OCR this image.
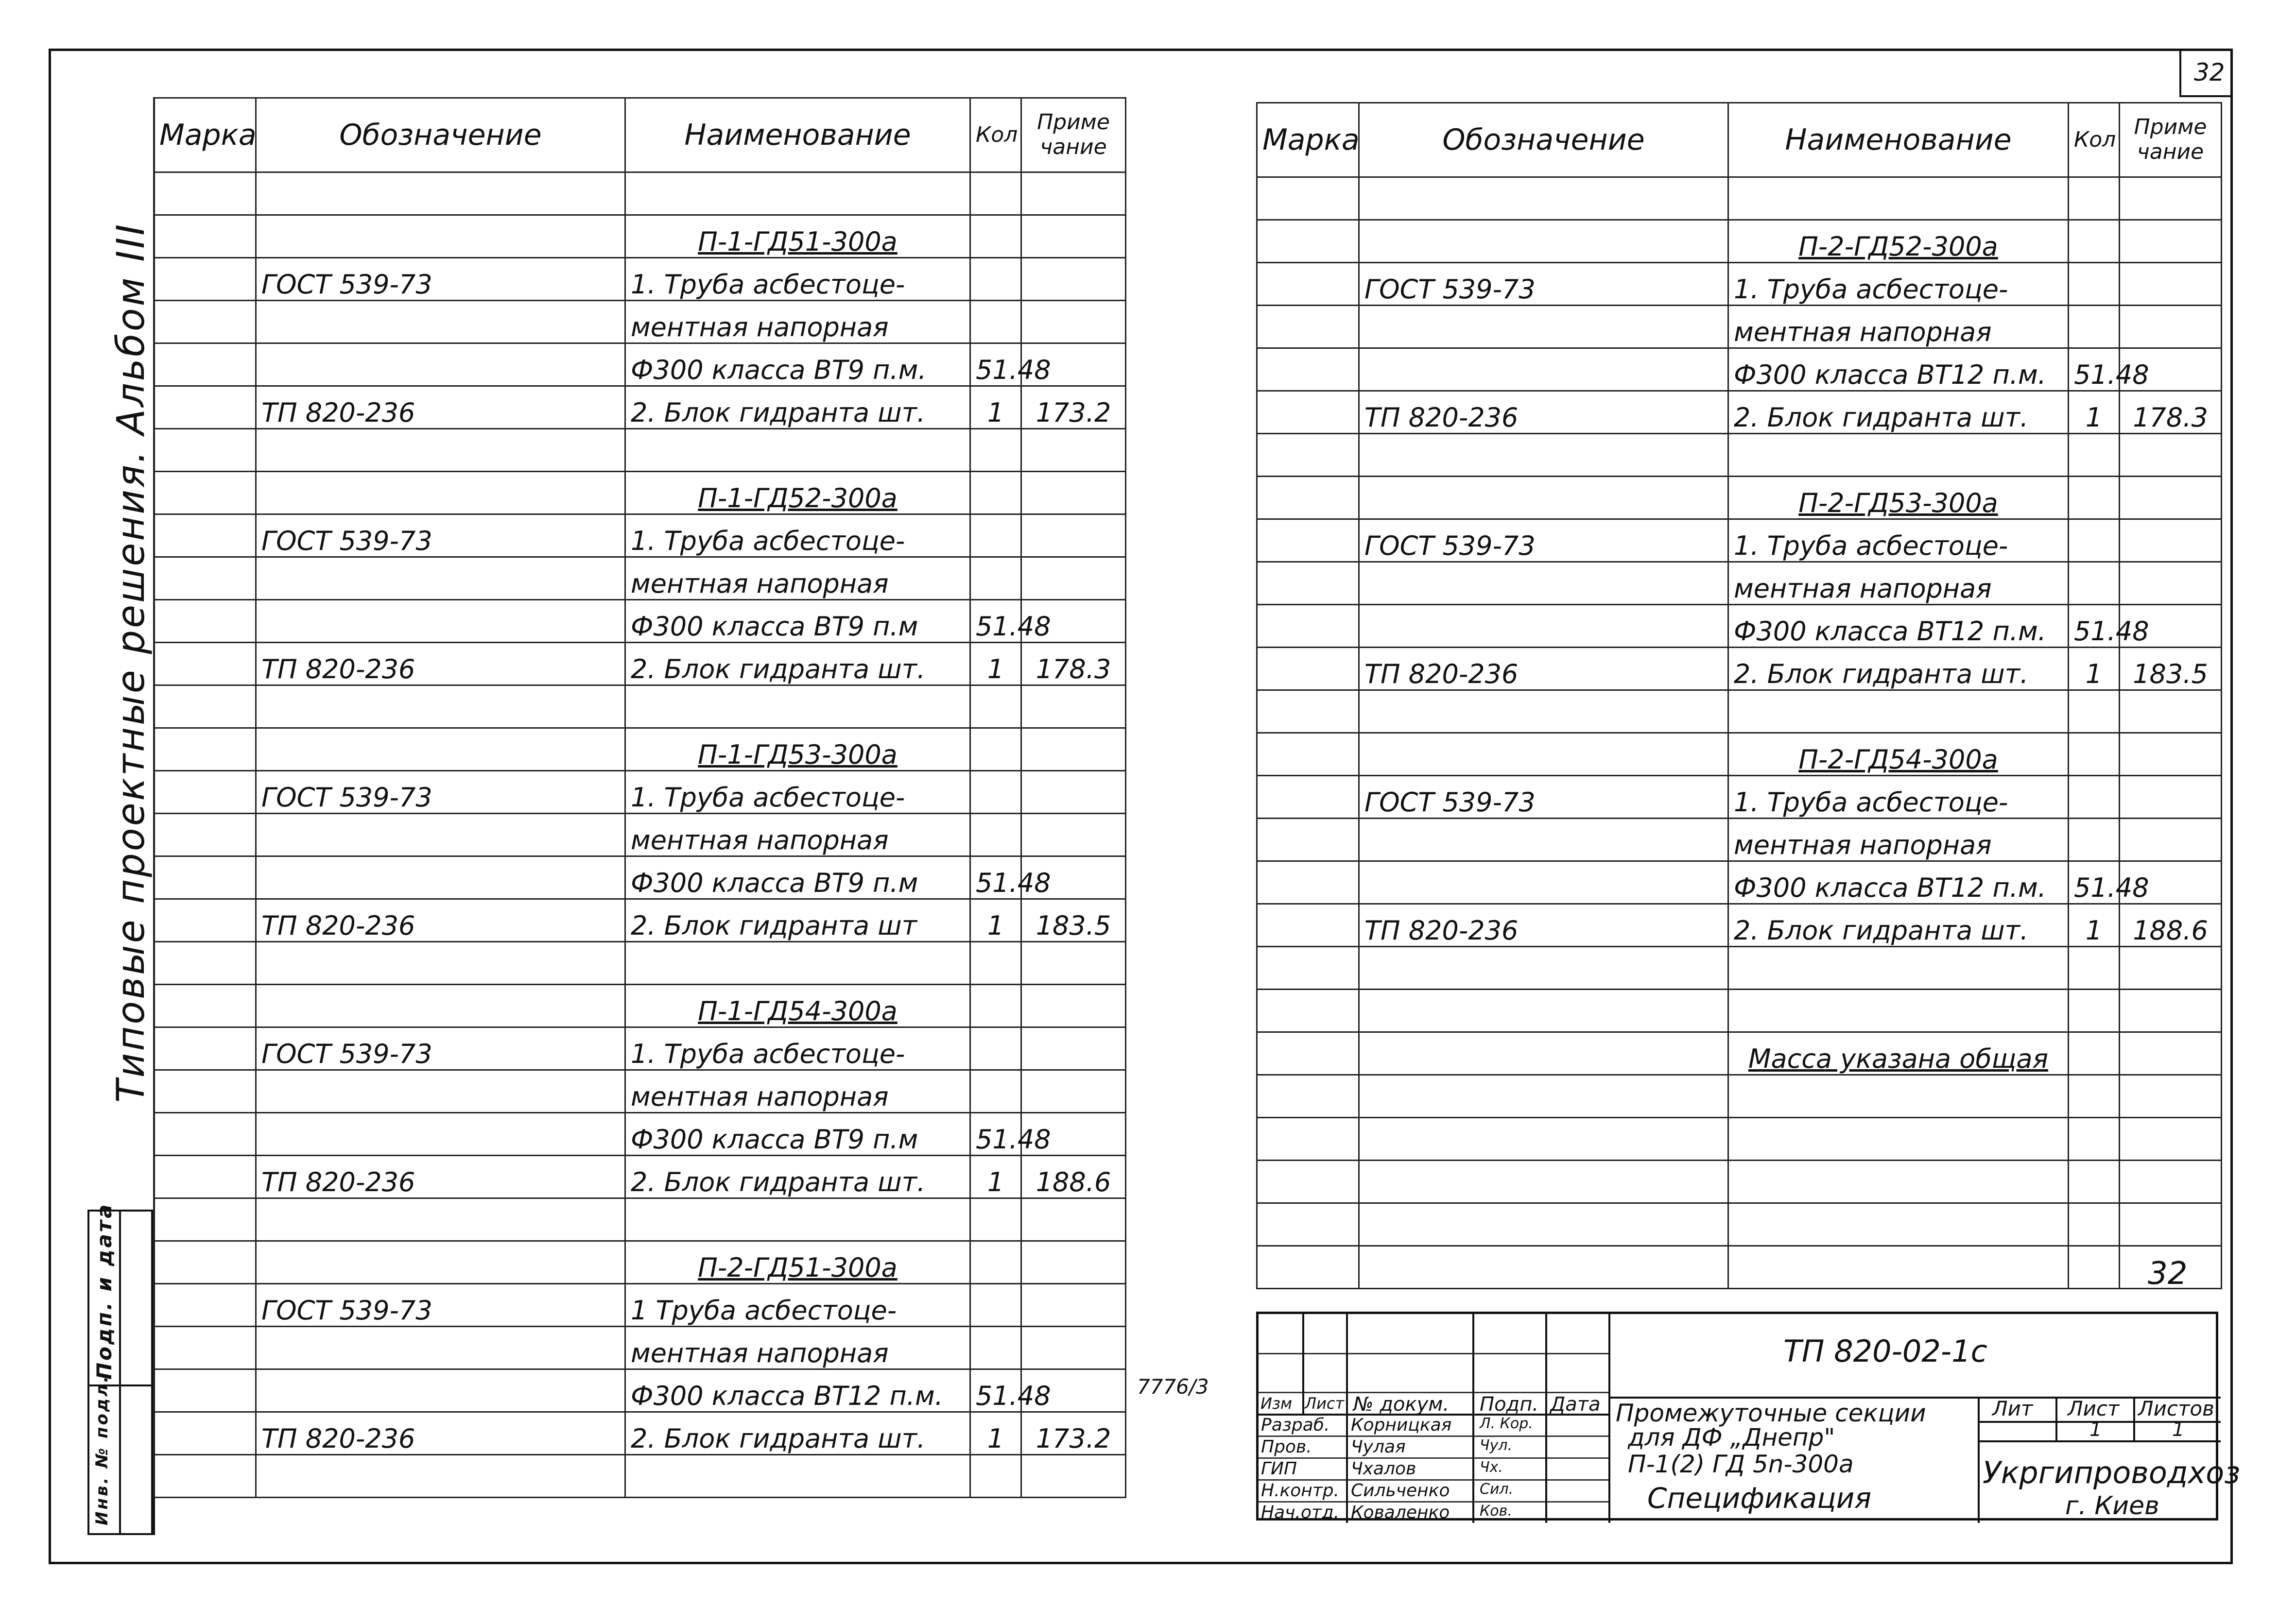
32
Типовые проектные решения. Альбом III
Подп. и дата
Инв. № подл.
Марка	Обозначение	Наименование	Кол	Приме
чание

		П-1-ГД51-300а		
	ГОСТ 539-73	1. Труба асбестоце-		
		ментная напорная		
		Ф300 класса ВТ9 п.м.	51.48	
	ТП 820-236	2. Блок гидранта шт.	1	173.2

		П-1-ГД52-300а		
	ГОСТ 539-73	1. Труба асбестоце-		
		ментная напорная		
		Ф300 класса ВТ9 п.м	51.48	
	ТП 820-236	2. Блок гидранта шт.	1	178.3

		П-1-ГД53-300а		
	ГОСТ 539-73	1. Труба асбестоце-		
		ментная напорная		
		Ф300 класса ВТ9 п.м	51.48	
	ТП 820-236	2. Блок гидранта шт	1	183.5

		П-1-ГД54-300а		
	ГОСТ 539-73	1. Труба асбестоце-		
		ментная напорная		
		Ф300 класса ВТ9 п.м	51.48	
	ТП 820-236	2. Блок гидранта шт.	1	188.6

		П-2-ГД51-300а		
	ГОСТ 539-73	1 Труба асбестоце-		
		ментная напорная		
		Ф300 класса ВТ12 п.м.	51.48	
	ТП 820-236	2. Блок гидранта шт.	1	173.2

7776/3
Марка	Обозначение	Наименование	Кол	Приме
чание

		П-2-ГД52-300а		
	ГОСТ 539-73	1. Труба асбестоце-		
		ментная напорная		
		Ф300 класса ВТ12 п.м.	51.48	
	ТП 820-236	2. Блок гидранта шт.	1	178.3

		П-2-ГД53-300а		
	ГОСТ 539-73	1. Труба асбестоце-		
		ментная напорная		
		Ф300 класса ВТ12 п.м.	51.48	
	ТП 820-236	2. Блок гидранта шт.	1	183.5

		П-2-ГД54-300а		
	ГОСТ 539-73	1. Труба асбестоце-		
		ментная напорная		
		Ф300 класса ВТ12 п.м.	51.48	
	ТП 820-236	2. Блок гидранта шт.	1	188.6

		Масса указана общая		

32
Изм Лист № докум. Подп. Дата
Разраб. Корницкая Л. Кор.
Пров. Чулая	Чул.
ГИП	Чхалов	Чх.
Н.контр. Сильченко Сил.
Нач.отд. Коваленко Ков.
ТП 820-02-1с
Промежуточные секции
для ДФ „Днепр"
П-1(2) ГД 5n-300а
Спецификация
Лит Лист Листов
1	1
Укргипроводхоз
г. Киев
